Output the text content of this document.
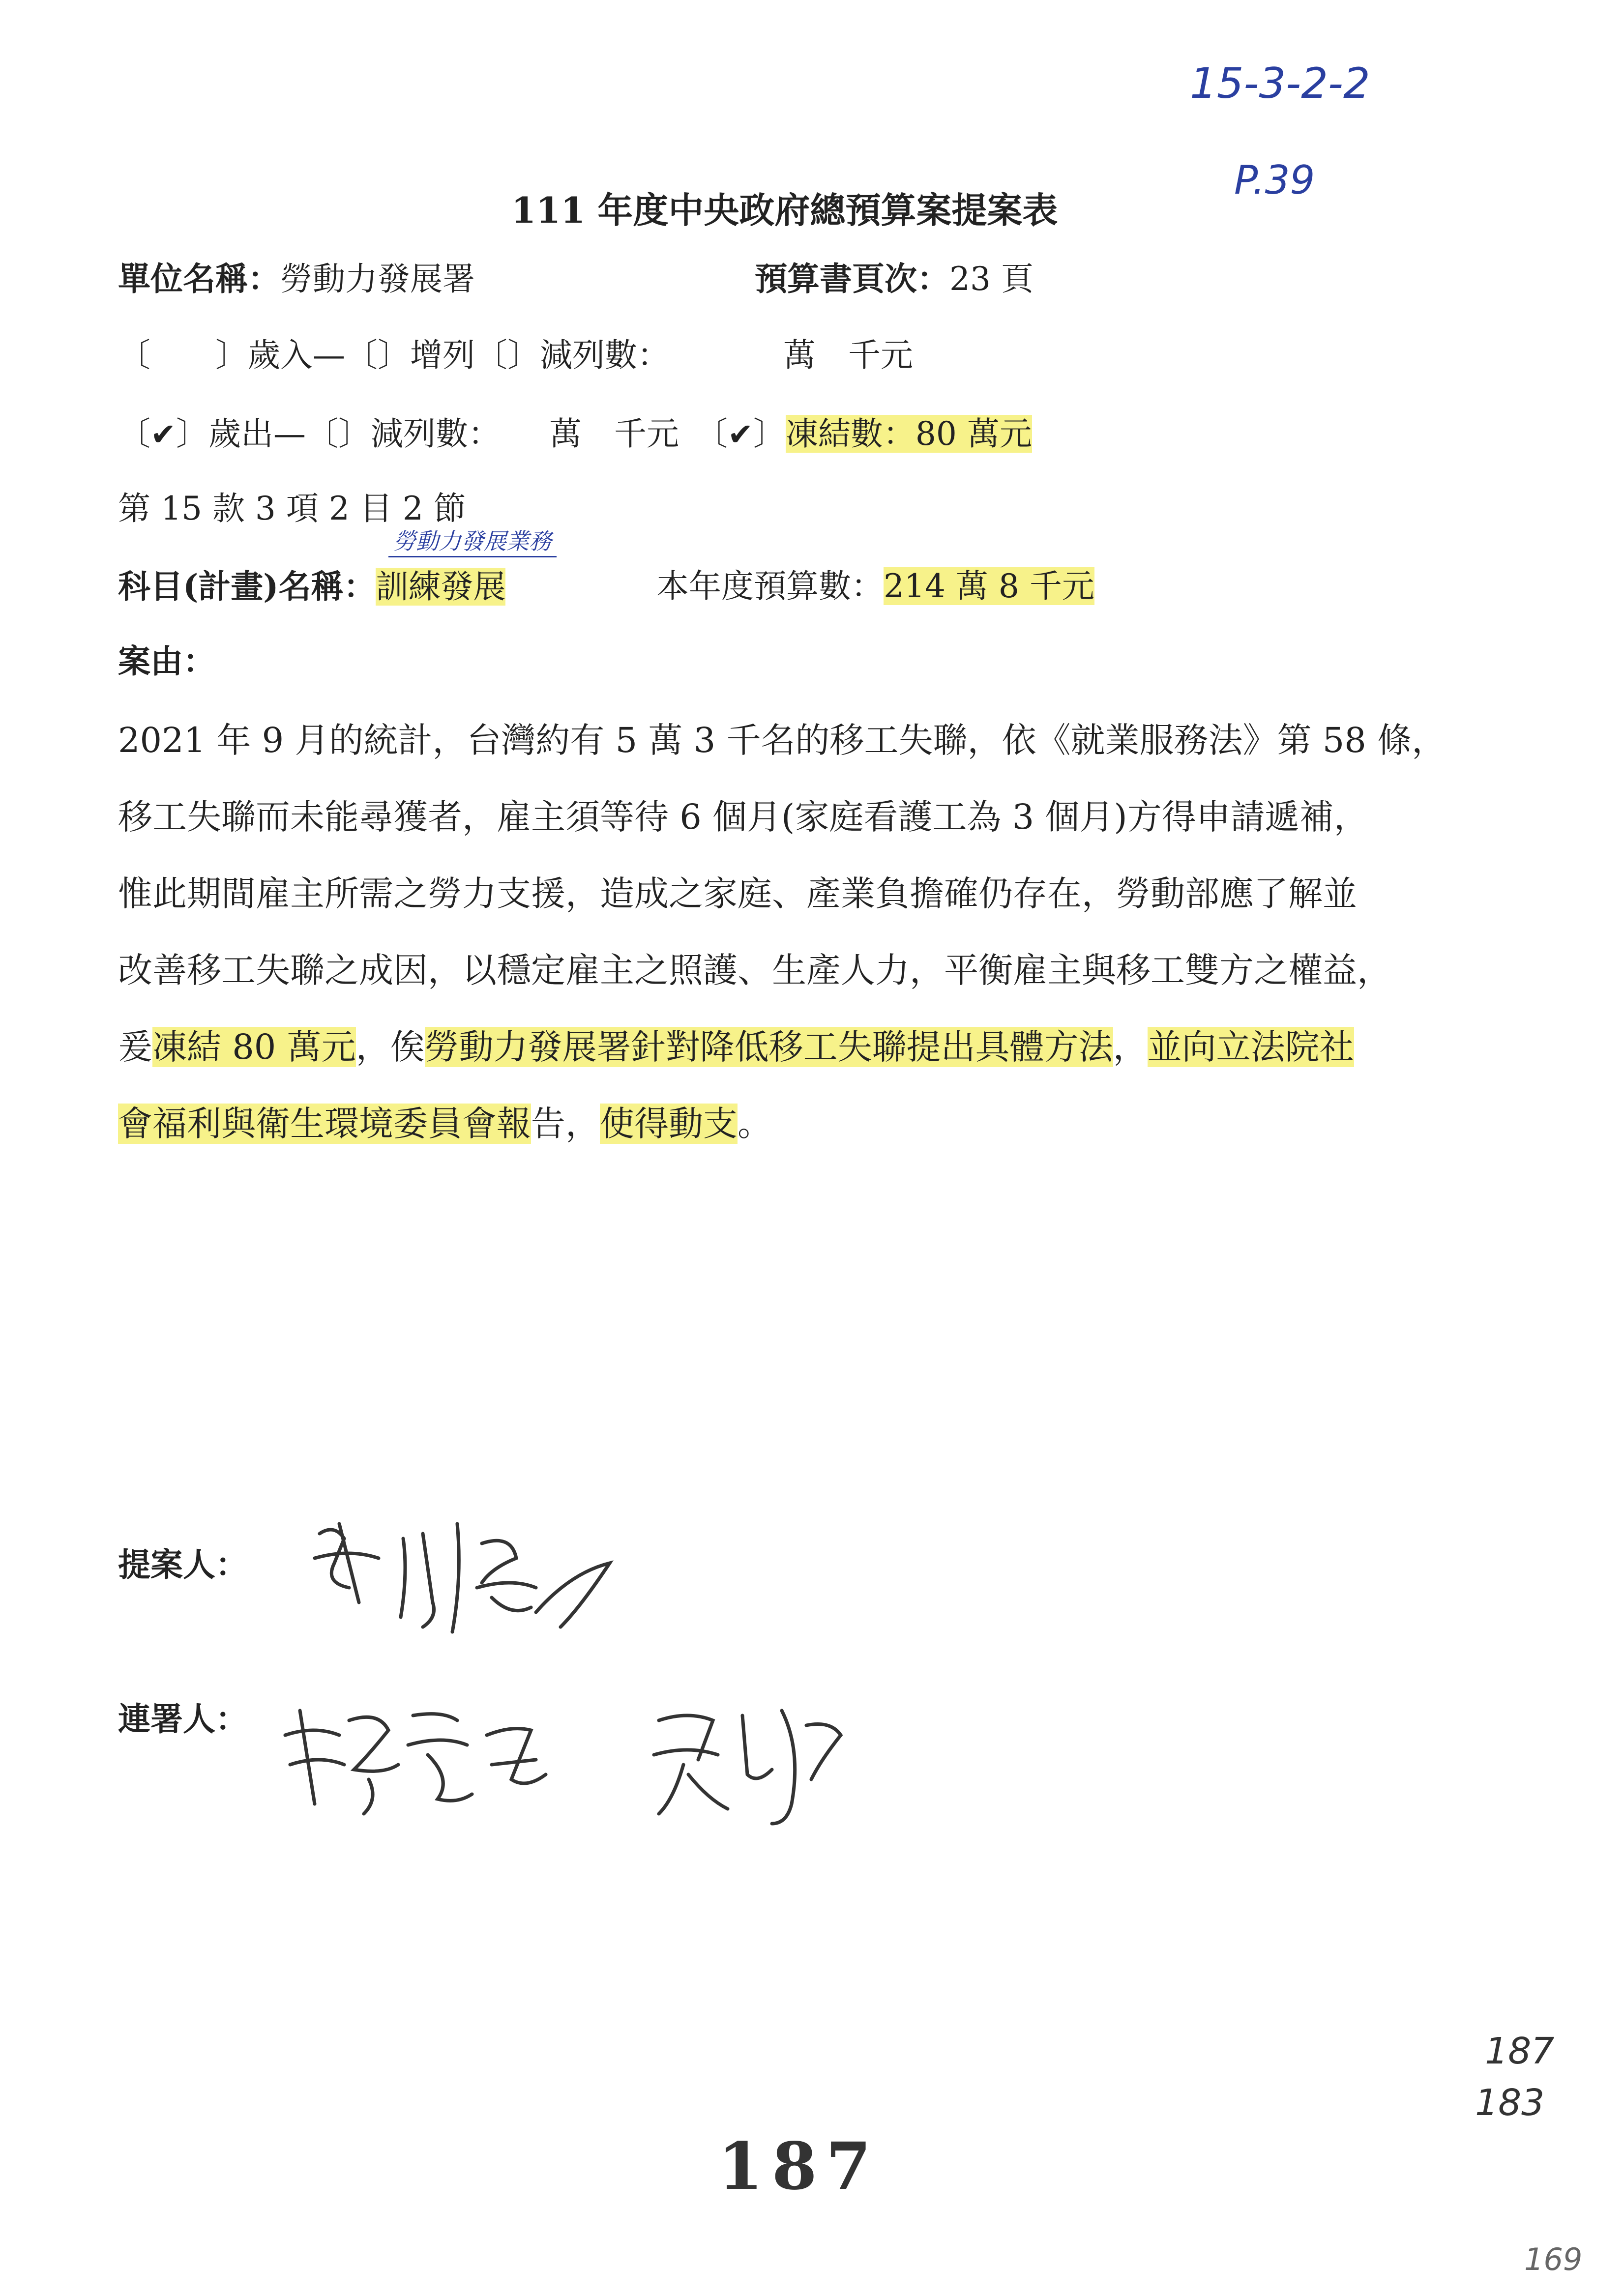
15-3-2-2
P.39
111 年度中央政府總預算案提案表
單位名稱：勞動力發展署	預算書頁次：23 頁
〔　　〕歲入—〔〕增列〔〕減列數：　　　　萬　千元
〔✔〕歲出—〔〕減列數：　　萬　千元　〔✔〕凍結數：80 萬元
第 15 款 3 項 2 目 2 節
勞動力發展業務
科目(計畫)名稱：訓練發展	本年度預算數：214 萬 8 千元
案由：
2021 年 9 月的統計，台灣約有 5 萬 3 千名的移工失聯，依《就業服務法》第 58 條，
移工失聯而未能尋獲者，雇主須等待 6 個月(家庭看護工為 3 個月)方得申請遞補，
惟此期間雇主所需之勞力支援，造成之家庭、產業負擔確仍存在，勞動部應了解並
改善移工失聯之成因，以穩定雇主之照護、生產人力，平衡雇主與移工雙方之權益，
爰凍結 80 萬元，俟勞動力發展署針對降低移工失聯提出具體方法，並向立法院社
會福利與衛生環境委員會報告，使得動支。
提案人：
連署人：
187
183
169
187
